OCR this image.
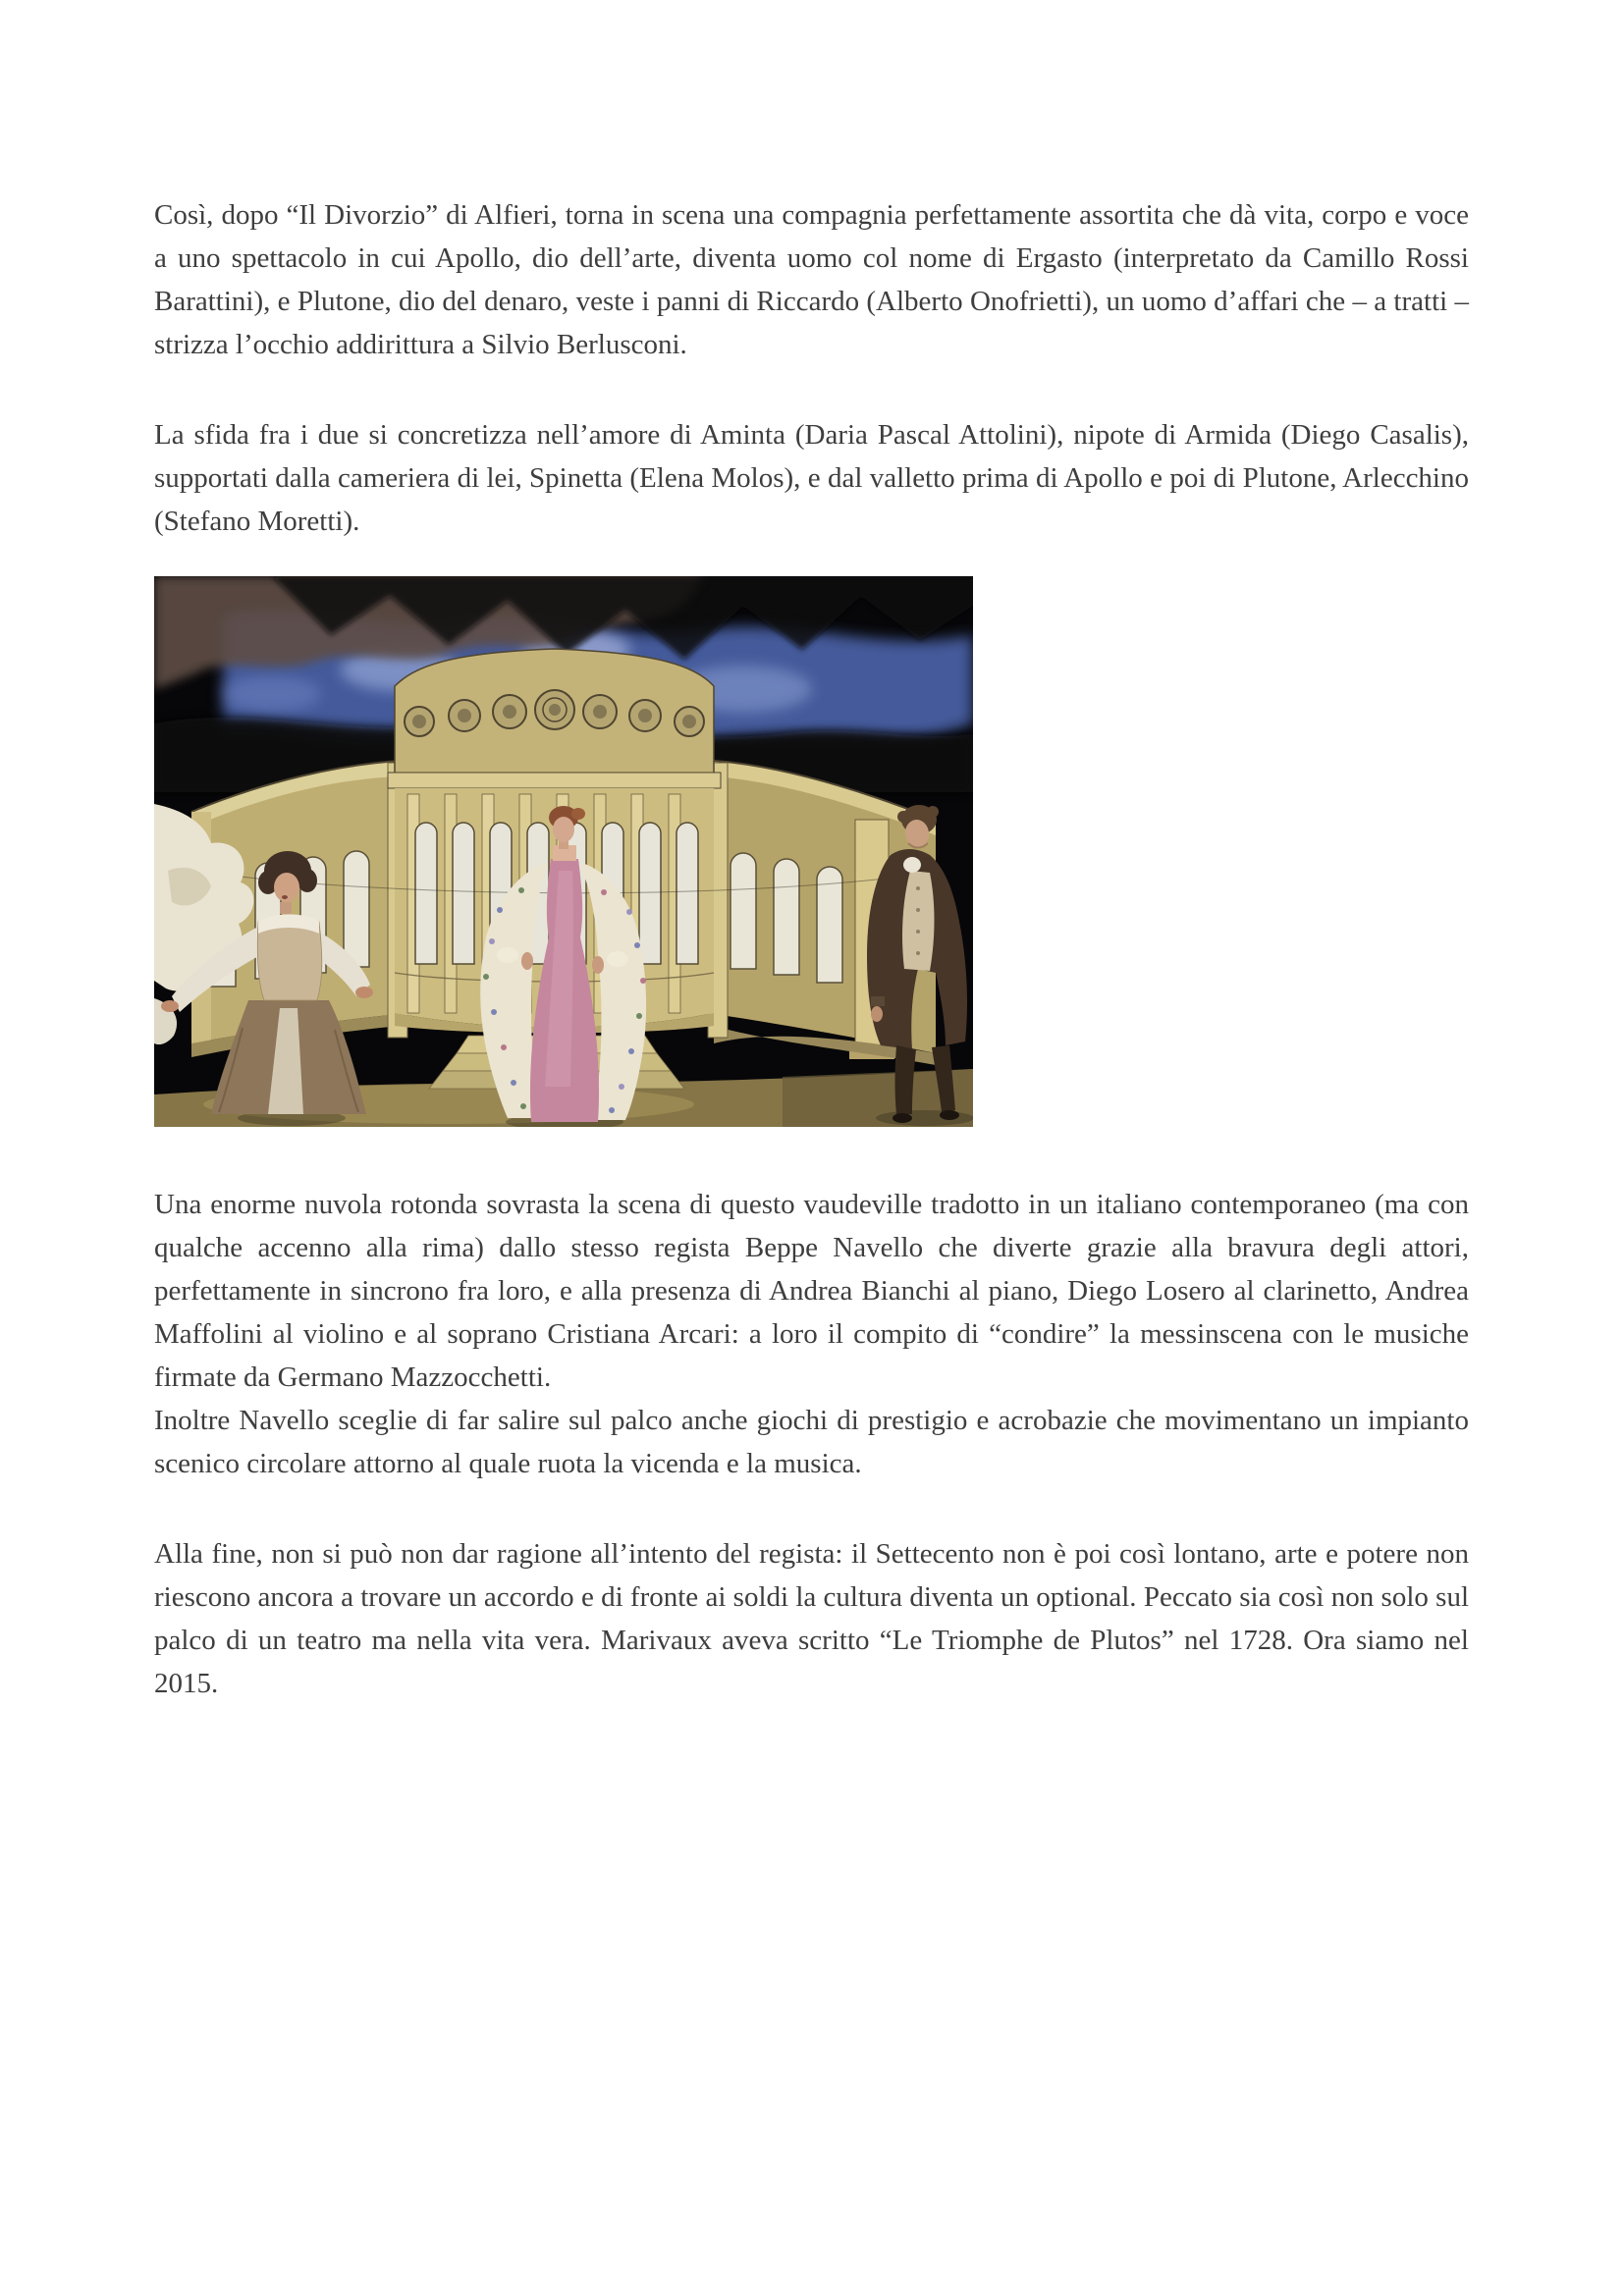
Così, dopo “Il Divorzio” di Alfieri, torna in scena una compagnia perfettamente assortita che dà vita, corpo e voce a uno spettacolo in cui Apollo, dio dell’arte, diventa uomo col nome di Ergasto (interpretato da Camillo Rossi Barattini), e Plutone, dio del denaro, veste i panni di Riccardo (Alberto Onofrietti), un uomo d’affari che – a tratti – strizza l’occhio addirittura a Silvio Berlusconi.

La sfida fra i due si concretizza nell’amore di Aminta (Daria Pascal Attolini), nipote di Armida (Diego Casalis), supportati dalla cameriera di lei, Spinetta (Elena Molos), e dal valletto prima di Apollo e poi di Plutone, Arlecchino (Stefano Moretti).

Una enorme nuvola rotonda sovrasta la scena di questo vaudeville tradotto in un italiano contemporaneo (ma con qualche accenno alla rima) dallo stesso regista Beppe Navello che diverte grazie alla bravura degli attori, perfettamente in sincrono fra loro, e alla presenza di Andrea Bianchi al piano, Diego Losero al clarinetto, Andrea Maffolini al violino e al soprano Cristiana Arcari: a loro il compito di “condire” la messinscena con le musiche firmate da Germano Mazzocchetti.

Inoltre Navello sceglie di far salire sul palco anche giochi di prestigio e acrobazie che movimentano un impianto scenico circolare attorno al quale ruota la vicenda e la musica.

Alla fine, non si può non dar ragione all’intento del regista: il Settecento non è poi così lontano, arte e potere non riescono ancora a trovare un accordo e di fronte ai soldi la cultura diventa un optional. Peccato sia così non solo sul palco di un teatro ma nella vita vera. Marivaux aveva scritto “Le Triomphe de Plutos” nel 1728. Ora siamo nel 2015.
